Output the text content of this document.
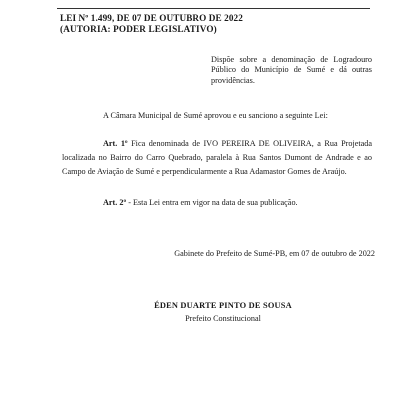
LEI Nº 1.499, DE 07 DE OUTUBRO DE 2022
(AUTORIA: PODER LEGISLATIVO)
Dispõe sobre a denominação de Logradouro Público do Município de Sumé e dá outras providências.
A Câmara Municipal de Sumé aprovou e eu sanciono a seguinte Lei:
Art. 1º Fica denominada de IVO PEREIRA DE OLIVEIRA, a Rua Projetada localizada no Bairro do Carro Quebrado, paralela à Rua Santos Dumont de Andrade e ao Campo de Aviação de Sumé e perpendicularmente a Rua Adamastor Gomes de Araújo.
Art. 2º - Esta Lei entra em vigor na data de sua publicação.
Gabinete do Prefeito de Sumé-PB, em 07 de outubro de 2022
ÉDEN DUARTE PINTO DE SOUSA
Prefeito Constitucional
